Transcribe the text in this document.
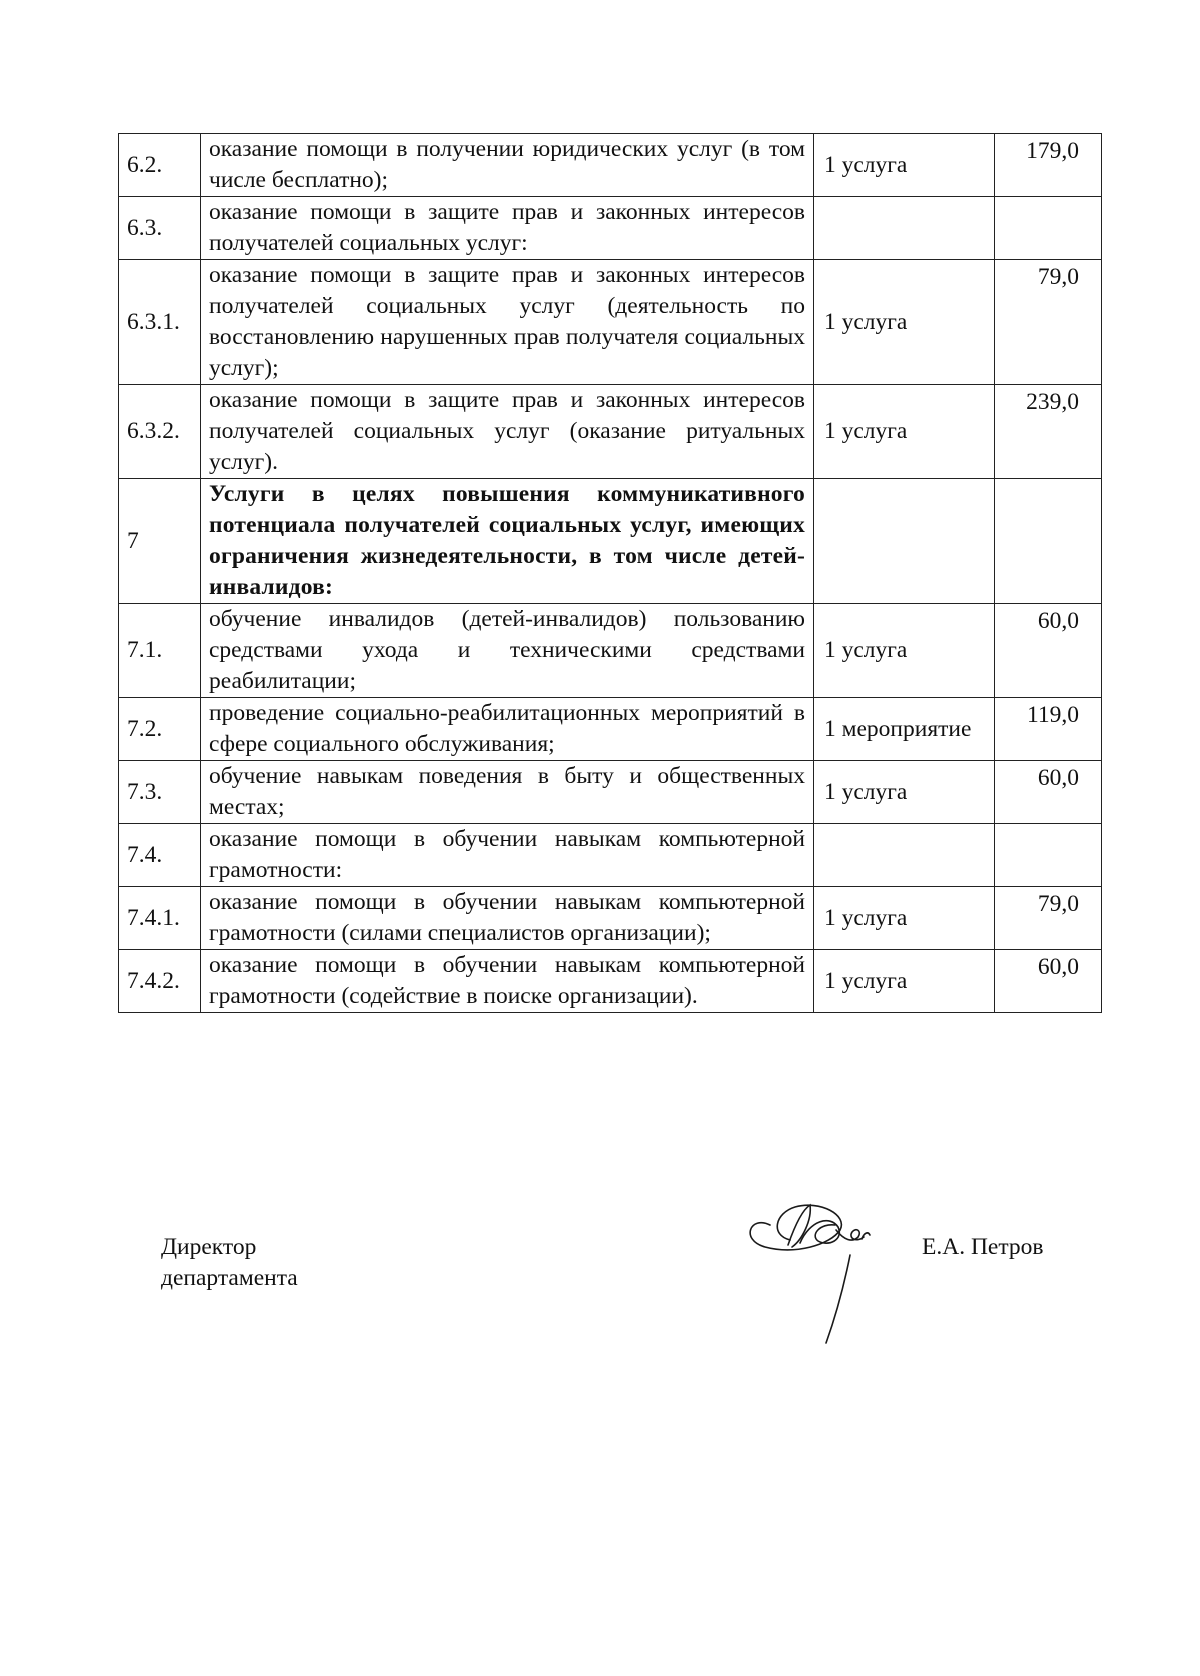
6.2.	оказание помощи в получении юридических услуг (в том числе бесплатно);	1 услуга	179,0
6.3.	оказание помощи в защите прав и законных интересов получателей социальных услуг:		
6.3.1.	оказание помощи в защите прав и законных интересов получателей социальных услуг (деятельность по восстановлению нарушенных прав получателя социальных услуг);	1 услуга	79,0
6.3.2.	оказание помощи в защите прав и законных интересов получателей социальных услуг (оказание ритуальных услуг).	1 услуга	239,0
7	Услуги в целях повышения коммуникативного потенциала получателей социальных услуг, имеющих ограничения жизнедеятельности, в том числе детей-инвалидов:		
7.1.	обучение инвалидов (детей-инвалидов) пользованию средствами ухода и техническими средствами реабилитации;	1 услуга	60,0
7.2.	проведение социально-реабилитационных мероприятий в сфере социального обслуживания;	1 мероприятие	119,0
7.3.	обучение навыкам поведения в быту и общественных местах;	1 услуга	60,0
7.4.	оказание помощи в обучении навыкам компьютерной грамотности:		
7.4.1.	оказание помощи в обучении навыкам компьютерной грамотности (силами специалистов организации);	1 услуга	79,0
7.4.2.	оказание помощи в обучении навыкам компьютерной грамотности (содействие в поиске организации).	1 услуга	60,0
Директор
департамента
Е.А. Петров
